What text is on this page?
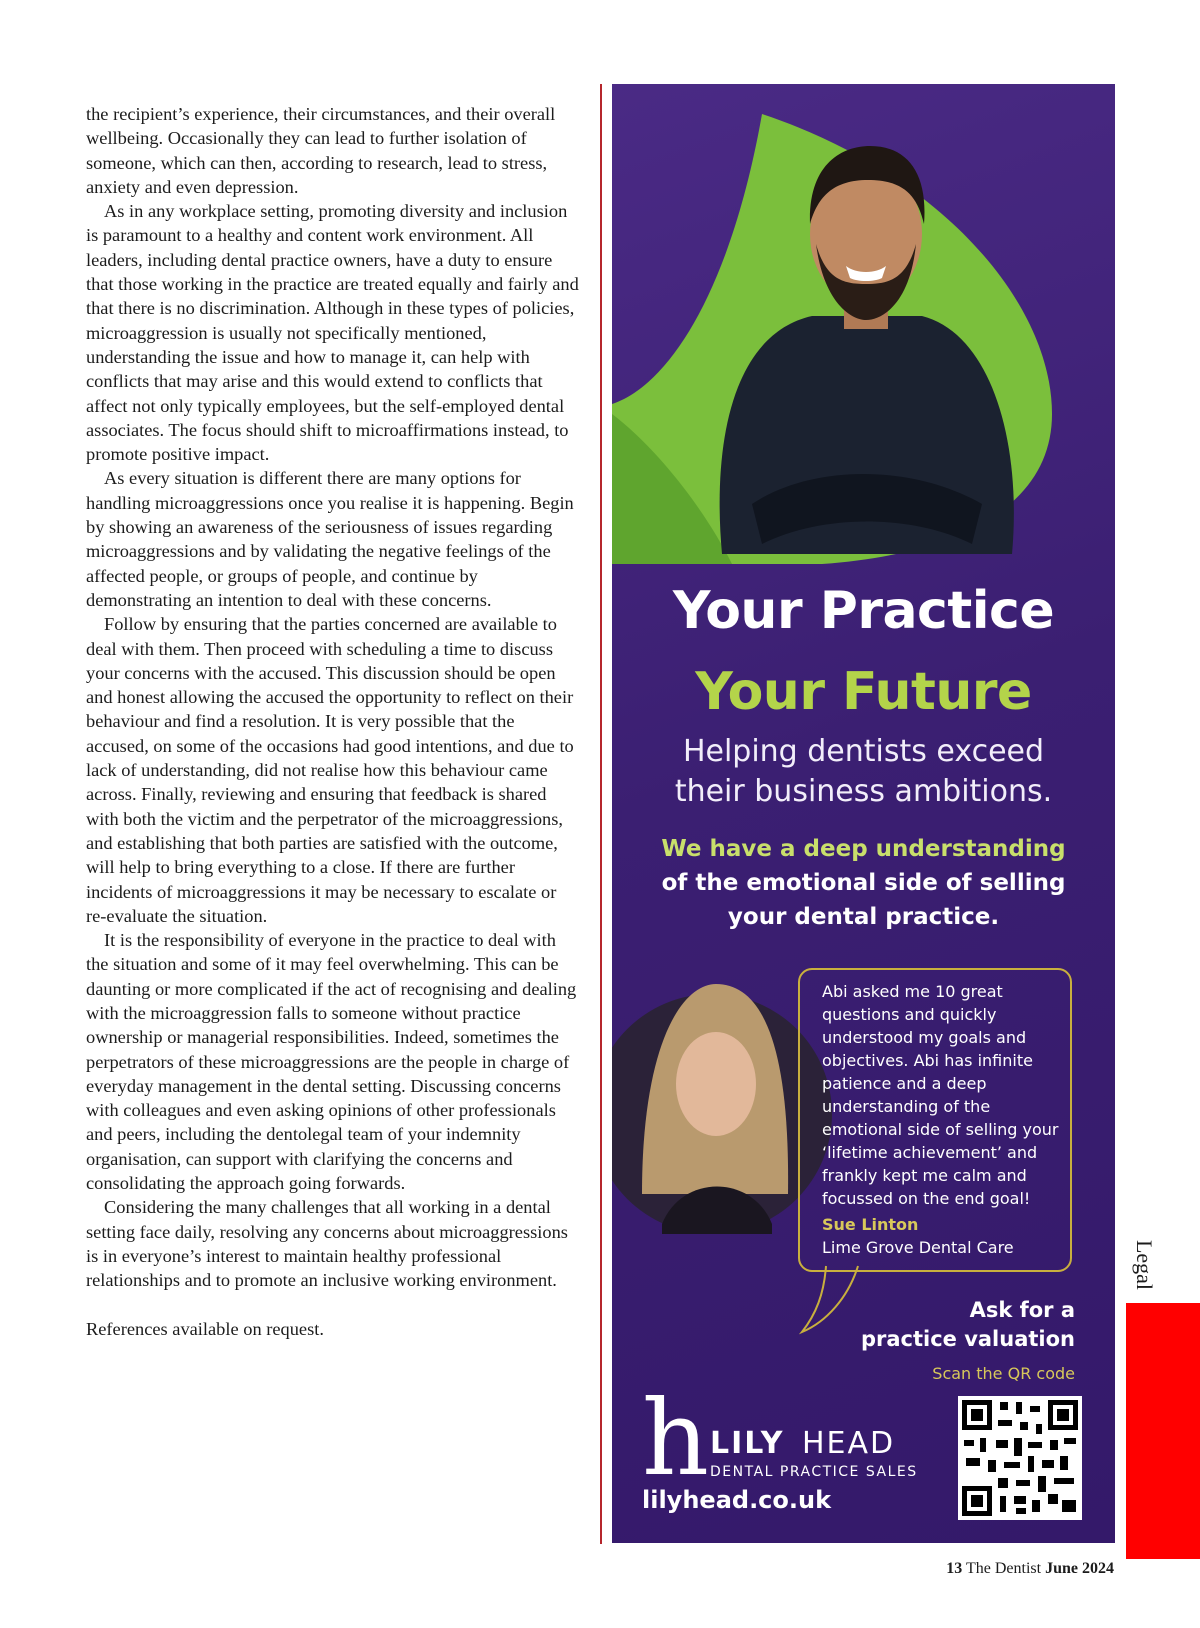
the recipient’s experience, their circumstances, and their overall wellbeing. Occasionally they can lead to further isolation of someone, which can then, according to research, lead to stress, anxiety and even depression.

As in any workplace setting, promoting diversity and inclusion is paramount to a healthy and content work environment. All leaders, including dental practice owners, have a duty to ensure that those working in the practice are treated equally and fairly and that there is no discrimination. Although in these types of policies, microaggression is usually not specifically mentioned, understanding the issue and how to manage it, can help with conflicts that may arise and this would extend to conflicts that affect not only typically employees, but the self-employed dental associates. The focus should shift to microaffirmations instead, to promote positive impact.

As every situation is different there are many options for handling microaggressions once you realise it is happening. Begin by showing an awareness of the seriousness of issues regarding microaggressions and by validating the negative feelings of the affected people, or groups of people, and continue by demonstrating an intention to deal with these concerns.

Follow by ensuring that the parties concerned are available to deal with them. Then proceed with scheduling a time to discuss your concerns with the accused. This discussion should be open and honest allowing the accused the opportunity to reflect on their behaviour and find a resolution. It is very possible that the accused, on some of the occasions had good intentions, and due to lack of understanding, did not realise how this behaviour came across. Finally, reviewing and ensuring that feedback is shared with both the victim and the perpetrator of the microaggressions, and establishing that both parties are satisfied with the outcome, will help to bring everything to a close. If there are further incidents of microaggressions it may be necessary to escalate or re-evaluate the situation.

It is the responsibility of everyone in the practice to deal with the situation and some of it may feel overwhelming. This can be daunting or more complicated if the act of recognising and dealing with the microaggression falls to someone without practice ownership or managerial responsibilities. Indeed, sometimes the perpetrators of these microaggressions are the people in charge of everyday management in the dental setting. Discussing concerns with colleagues and even asking opinions of other professionals and peers, including the dentolegal team of your indemnity organisation, can support with clarifying the concerns and consolidating the approach going forwards.

Considering the many challenges that all working in a dental setting face daily, resolving any concerns about microaggressions is in everyone’s interest to maintain healthy professional relationships and to promote an inclusive working environment.

References available on request.

Your Practice
Your Future
Helping dentists exceed
their business ambitions.
We have a deep understanding
of the emotional side of selling
your dental practice.
Abi asked me 10 great questions and quickly understood my goals and objectives. Abi has infinite patience and a deep understanding of the emotional side of selling your ‘lifetime achievement’ and frankly kept me calm and focussed on the end goal!
Sue Linton
Lime Grove Dental Care
Ask for a
practice valuation
Scan the QR code
h LILY HEAD
DENTAL PRACTICE SALES
lilyhead.co.uk
Legal
13 The Dentist June 2024
